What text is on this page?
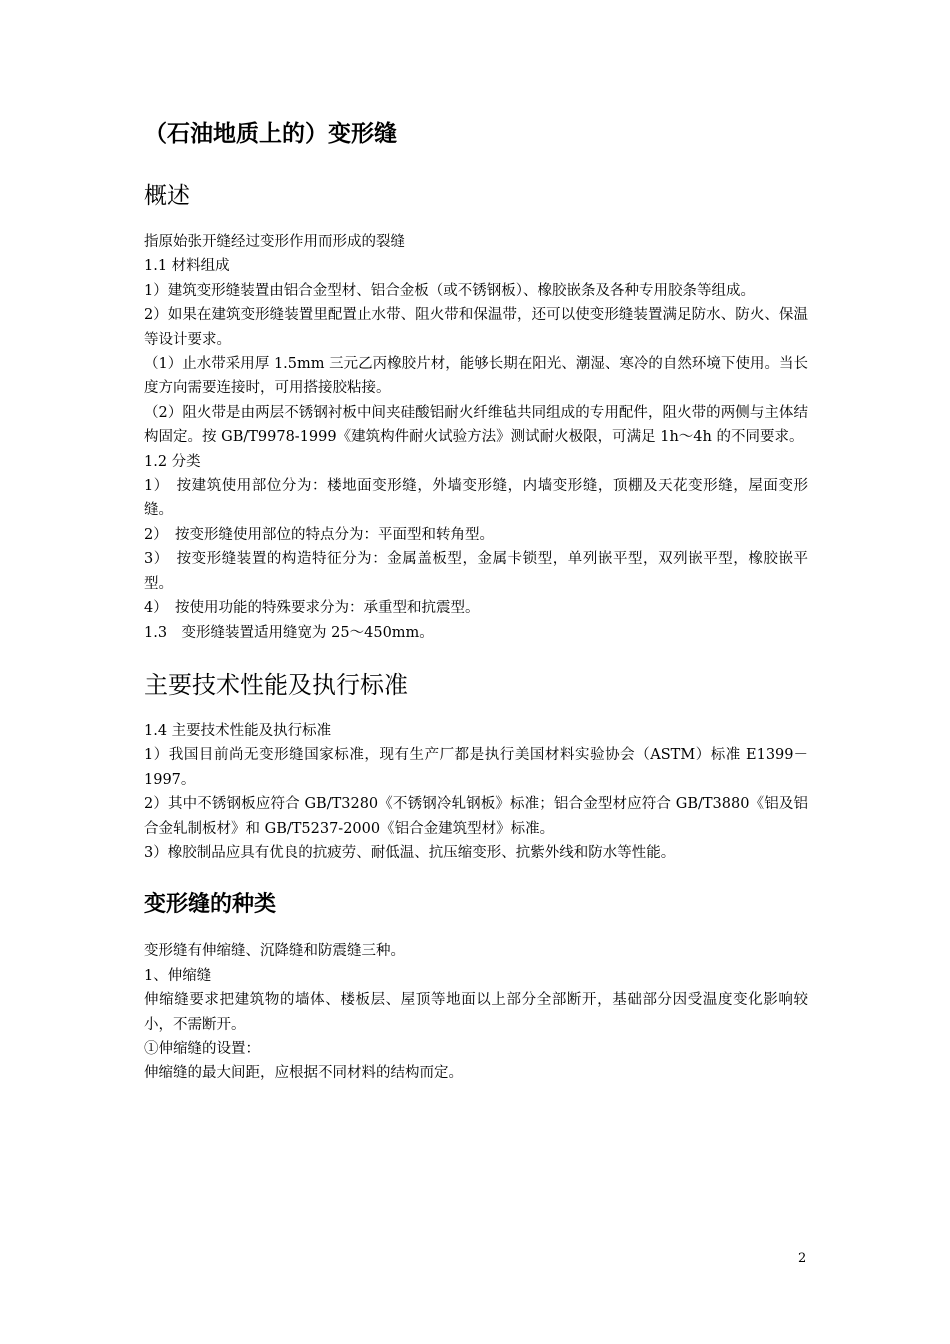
（石油地质上的）变形缝
概述

指原始张开缝经过变形作用而形成的裂缝

1.1 材料组成

1）建筑变形缝装置由铝合金型材、铝合金板（或不锈钢板）、橡胶嵌条及各种专用胶条等组成。

2）如果在建筑变形缝装置里配置止水带、阻火带和保温带，还可以使变形缝装置满足防水、防火、保温等设计要求。

（1）止水带采用厚 1.5mm 三元乙丙橡胶片材，能够长期在阳光、潮湿、寒冷的自然环境下使用。当长度方向需要连接时，可用搭接胶粘接。

（2）阻火带是由两层不锈钢衬板中间夹硅酸铝耐火纤维毡共同组成的专用配件，阻火带的两侧与主体结构固定。按 GB/T9978-1999《建筑构件耐火试验方法》测试耐火极限，可满足 1h～4h 的不同要求。

1.2 分类

1）　按建筑使用部位分为：楼地面变形缝，外墙变形缝，内墙变形缝，顶棚及天花变形缝，屋面变形缝。

2）　按变形缝使用部位的特点分为：平面型和转角型。

3）　按变形缝装置的构造特征分为：金属盖板型，金属卡锁型，单列嵌平型，双列嵌平型，橡胶嵌平型。

4）　按使用功能的特殊要求分为：承重型和抗震型。

1.3　变形缝装置适用缝宽为 25～450mm。

主要技术性能及执行标准

1.4 主要技术性能及执行标准

1）我国目前尚无变形缝国家标准，现有生产厂都是执行美国材料实验协会（ASTM）标准 E1399－1997。

2）其中不锈钢板应符合 GB/T3280《不锈钢冷轧钢板》标准；铝合金型材应符合 GB/T3880《铝及铝合金轧制板材》和 GB/T5237-2000《铝合金建筑型材》标准。

3）橡胶制品应具有优良的抗疲劳、耐低温、抗压缩变形、抗紫外线和防水等性能。

变形缝的种类

变形缝有伸缩缝、沉降缝和防震缝三种。

1、伸缩缝

伸缩缝要求把建筑物的墙体、楼板层、屋顶等地面以上部分全部断开，基础部分因受温度变化影响较小，不需断开。

①伸缩缝的设置：

伸缩缝的最大间距，应根据不同材料的结构而定。

2
